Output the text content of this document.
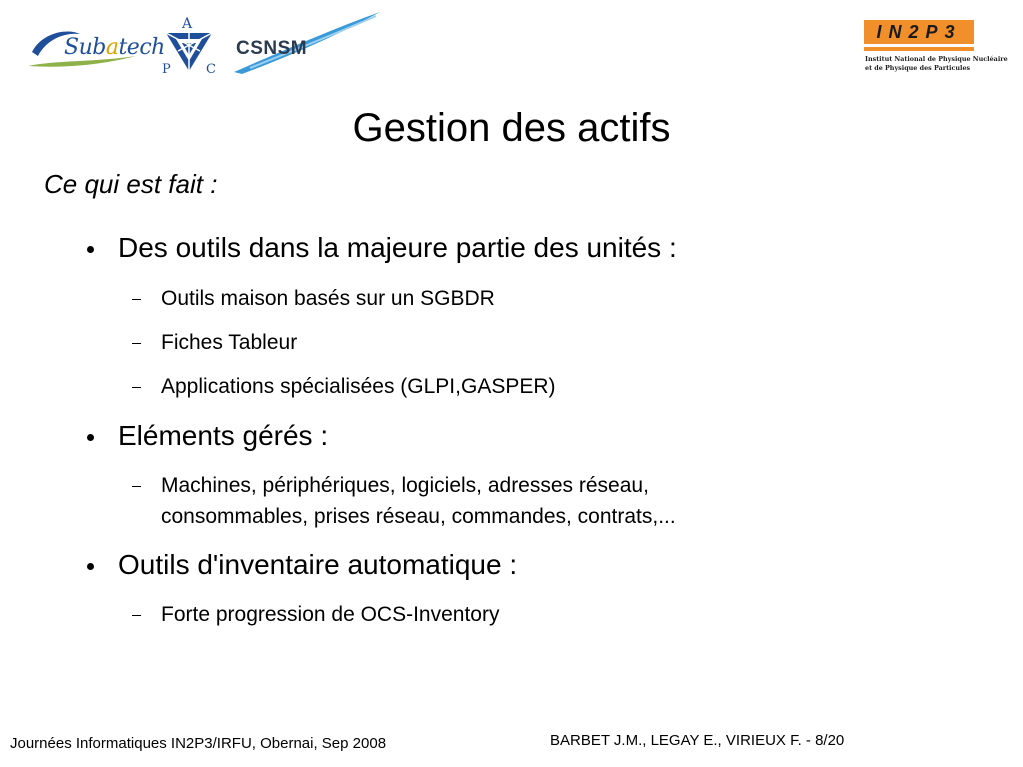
Subatech
A
P	C
CSNSM
IN2P3
Institut National de Physique Nucléaire
et de Physique des Particules
Gestion des actifs
Ce qui est fait :
Des outils dans la majeure partie des unités :
Outils maison basés sur un SGBDR
Fiches Tableur
Applications spécialisées (GLPI,GASPER)
Eléments gérés :
Machines, périphériques, logiciels, adresses réseau,
consommables, prises réseau, commandes, contrats,...
Outils d'inventaire automatique :
Forte progression de OCS-Inventory
Journées Informatiques IN2P3/IRFU, Obernai, Sep 2008	BARBET J.M., LEGAY E., VIRIEUX F. - 8/20
